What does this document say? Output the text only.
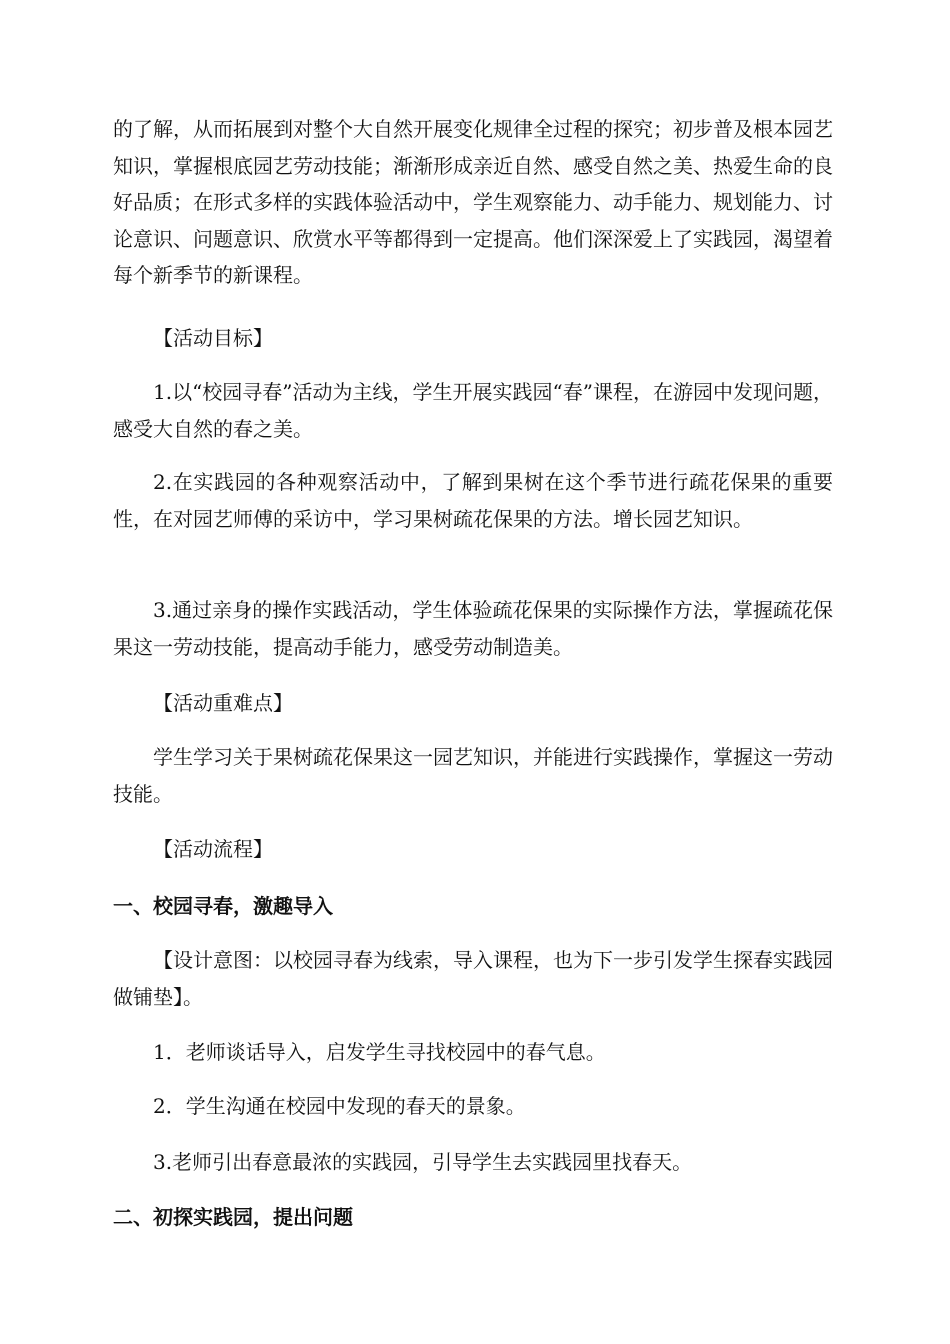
的了解，从而拓展到对整个大自然开展变化规律全过程的探究；初步普及根本园艺知识，掌握根底园艺劳动技能；渐渐形成亲近自然、感受自然之美、热爱生命的良好品质；在形式多样的实践体验活动中，学生观察能力、动手能力、规划能力、讨论意识、问题意识、欣赏水平等都得到一定提高。他们深深爱上了实践园，渴望着每个新季节的新课程。

【活动目标】

1.以“校园寻春”活动为主线，学生开展实践园“春”课程，在游园中发现问题，感受大自然的春之美。

2.在实践园的各种观察活动中，了解到果树在这个季节进行疏花保果的重要性，在对园艺师傅的采访中，学习果树疏花保果的方法。增长园艺知识。

3.通过亲身的操作实践活动，学生体验疏花保果的实际操作方法，掌握疏花保果这一劳动技能，提高动手能力，感受劳动制造美。

【活动重难点】

学生学习关于果树疏花保果这一园艺知识，并能进行实践操作，掌握这一劳动技能。

【活动流程】

一、校园寻春，激趣导入

【设计意图：以校园寻春为线索，导入课程，也为下一步引发学生探春实践园做铺垫】。

1．老师谈话导入，启发学生寻找校园中的春气息。

2．学生沟通在校园中发现的春天的景象。

3.老师引出春意最浓的实践园，引导学生去实践园里找春天。

二、初探实践园，提出问题
